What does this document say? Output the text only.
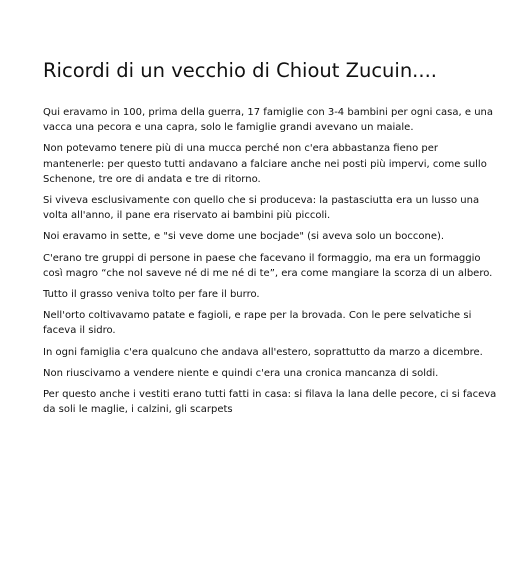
Ricordi di un vecchio di Chiout Zucuin....

Qui eravamo in 100, prima della guerra, 17 famiglie con 3-4 bambini per ogni casa, e una
vacca una pecora e una capra, solo le famiglie grandi avevano un maiale.

Non potevamo tenere più di una mucca perché non c'era abbastanza fieno per
mantenerle: per questo tutti andavano a falciare anche nei posti più impervi, come sullo
Schenone, tre ore di andata e tre di ritorno.

Si viveva esclusivamente con quello che si produceva: la pastasciutta era un lusso una
volta all'anno, il pane era riservato ai bambini più piccoli.

Noi eravamo in sette, e "si veve dome une bocjade" (si aveva solo un boccone).

C'erano tre gruppi di persone in paese che facevano il formaggio, ma era un formaggio
così magro “che nol saveve né di me né di te”, era come mangiare la scorza di un albero.

Tutto il grasso veniva tolto per fare il burro.

Nell'orto coltivavamo patate e fagioli, e rape per la brovada. Con le pere selvatiche si
faceva il sidro.

In ogni famiglia c'era qualcuno che andava all'estero, soprattutto da marzo a dicembre.

Non riuscivamo a vendere niente e quindi c'era una cronica mancanza di soldi.

Per questo anche i vestiti erano tutti fatti in casa: si filava la lana delle pecore, ci si faceva
da soli le maglie, i calzini, gli scarpets
